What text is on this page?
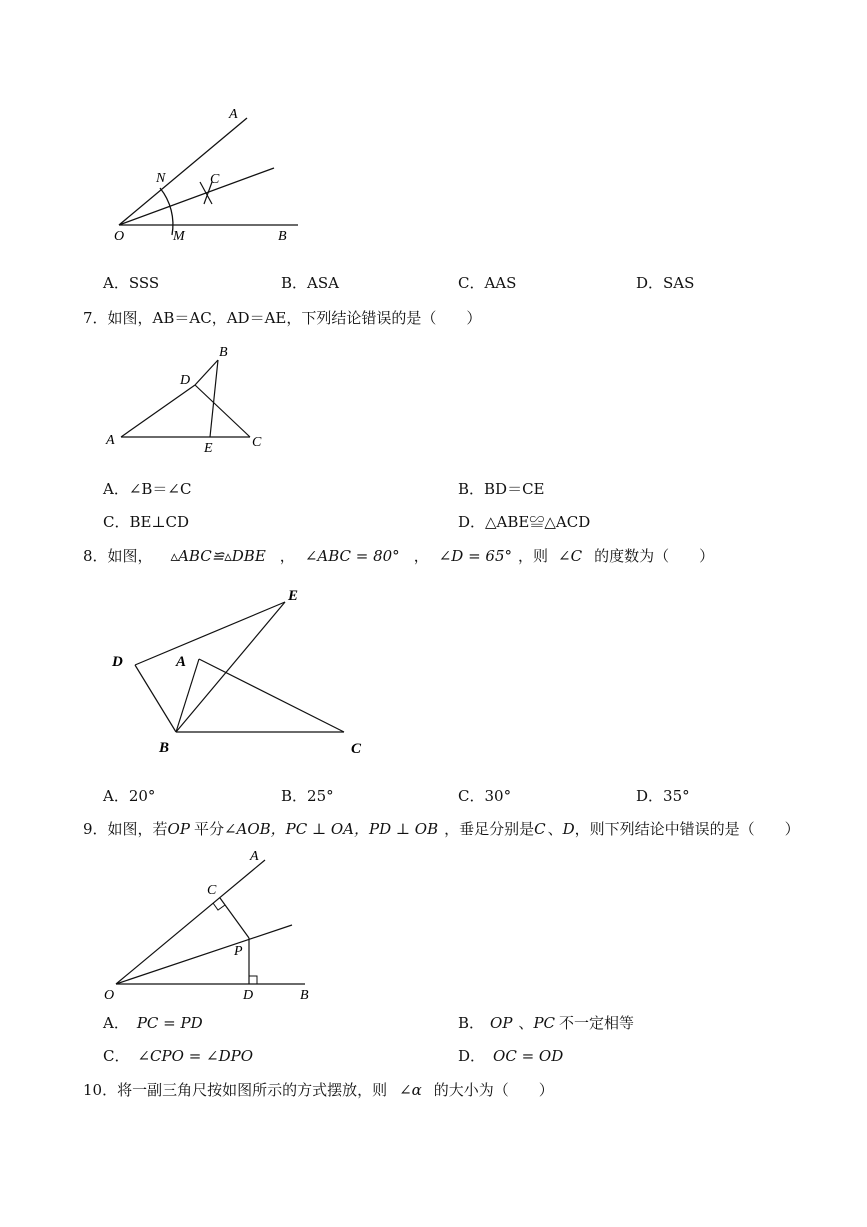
A
N	C
O	M	B
A．SSS	B．ASA	C．AAS	D．SAS
7．如图，AB＝AC，AD＝AE，下列结论错误的是（　　）
A
B
C
D
E
A．∠B＝∠C	B．BD＝CE
C．BE⊥CD	D．△ABE≌△ACD
8．如图， ▵ABC≌▵DBE ， ∠ABC = 80° ， ∠D = 65° ，则 ∠C 的度数为（　　）
D	A
E
B	C
A．20°	B．25°	C．30°	D．35°
9．如图，若OP 平分∠AOB，PC ⊥ OA，PD ⊥ OB ，垂足分别是C 、D，则下列结论中错误的是（　　）
A
C
P
O	D	B
A． PC = PD	B． OP 、PC 不一定相等
C． ∠CPO = ∠DPO	D． OC = OD
10．将一副三角尺按如图所示的方式摆放，则 ∠α 的大小为（　　）
